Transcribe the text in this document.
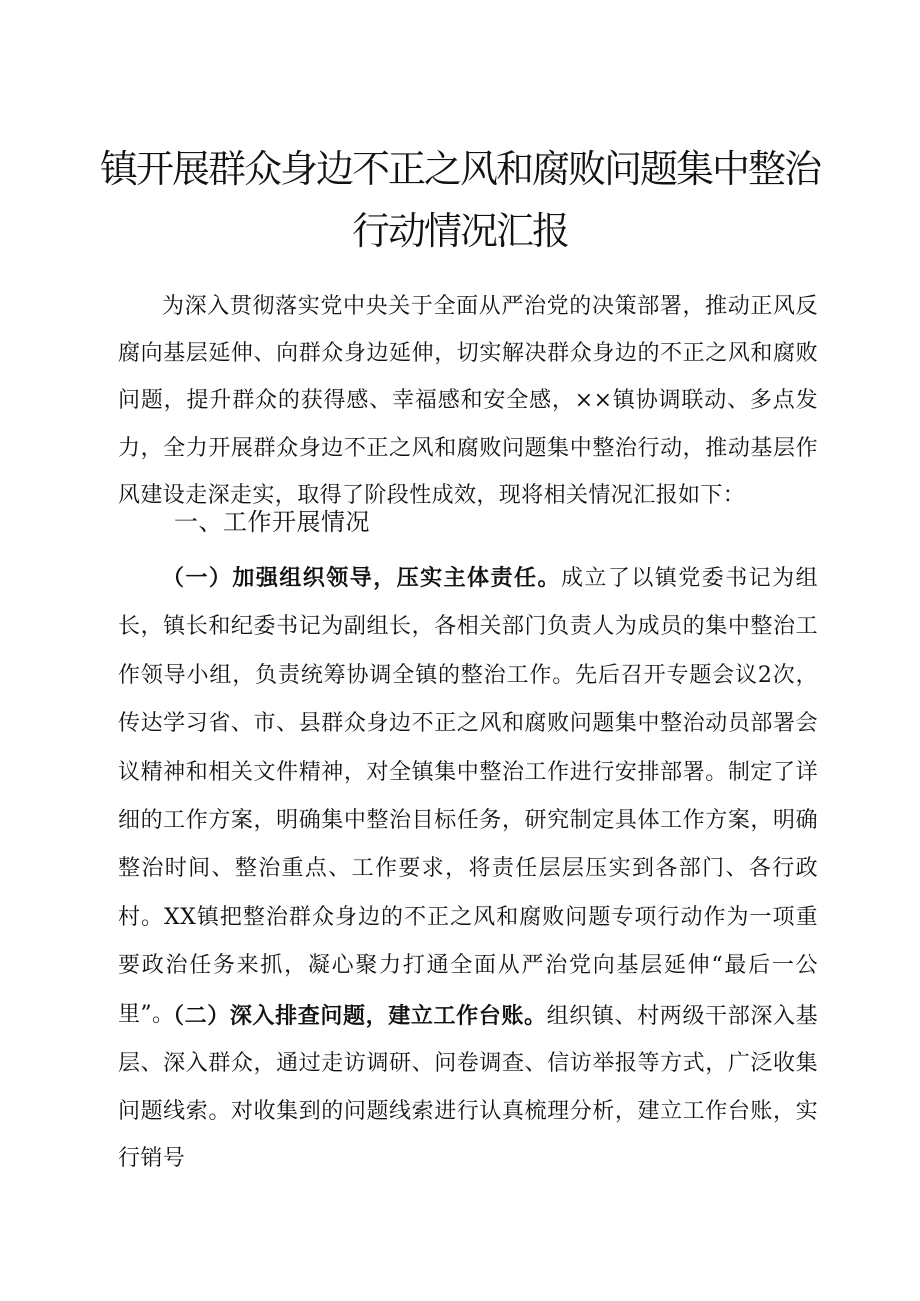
镇开展群众身边不正之风和腐败问题集中整治
行动情况汇报

为深入贯彻落实党中央关于全面从严治党的决策部署，推动正风反腐向基层延伸、向群众身边延伸，切实解决群众身边的不正之风和腐败问题，提升群众的获得感、幸福感和安全感，××镇协调联动、多点发力，全力开展群众身边不正之风和腐败问题集中整治行动，推动基层作风建设走深走实，取得了阶段性成效，现将相关情况汇报如下：

一、工作开展情况

（一）加强组织领导，压实主体责任。成立了以镇党委书记为组长，镇长和纪委书记为副组长，各相关部门负责人为成员的集中整治工作领导小组，负责统筹协调全镇的整治工作。先后召开专题会议2次，传达学习省、市、县群众身边不正之风和腐败问题集中整治动员部署会议精神和相关文件精神，对全镇集中整治工作进行安排部署。制定了详细的工作方案，明确集中整治目标任务，研究制定具体工作方案，明确整治时间、整治重点、工作要求，将责任层层压实到各部门、各行政村。XX镇把整治群众身边的不正之风和腐败问题专项行动作为一项重要政治任务来抓，凝心聚力打通全面从严治党向基层延伸“最后一公里”。

（二）深入排查问题，建立工作台账。组织镇、村两级干部深入基层、深入群众，通过走访调研、问卷调查、信访举报等方式，广泛收集问题线索。对收集到的问题线索进行认真梳理分析，建立工作台账，实行销号
